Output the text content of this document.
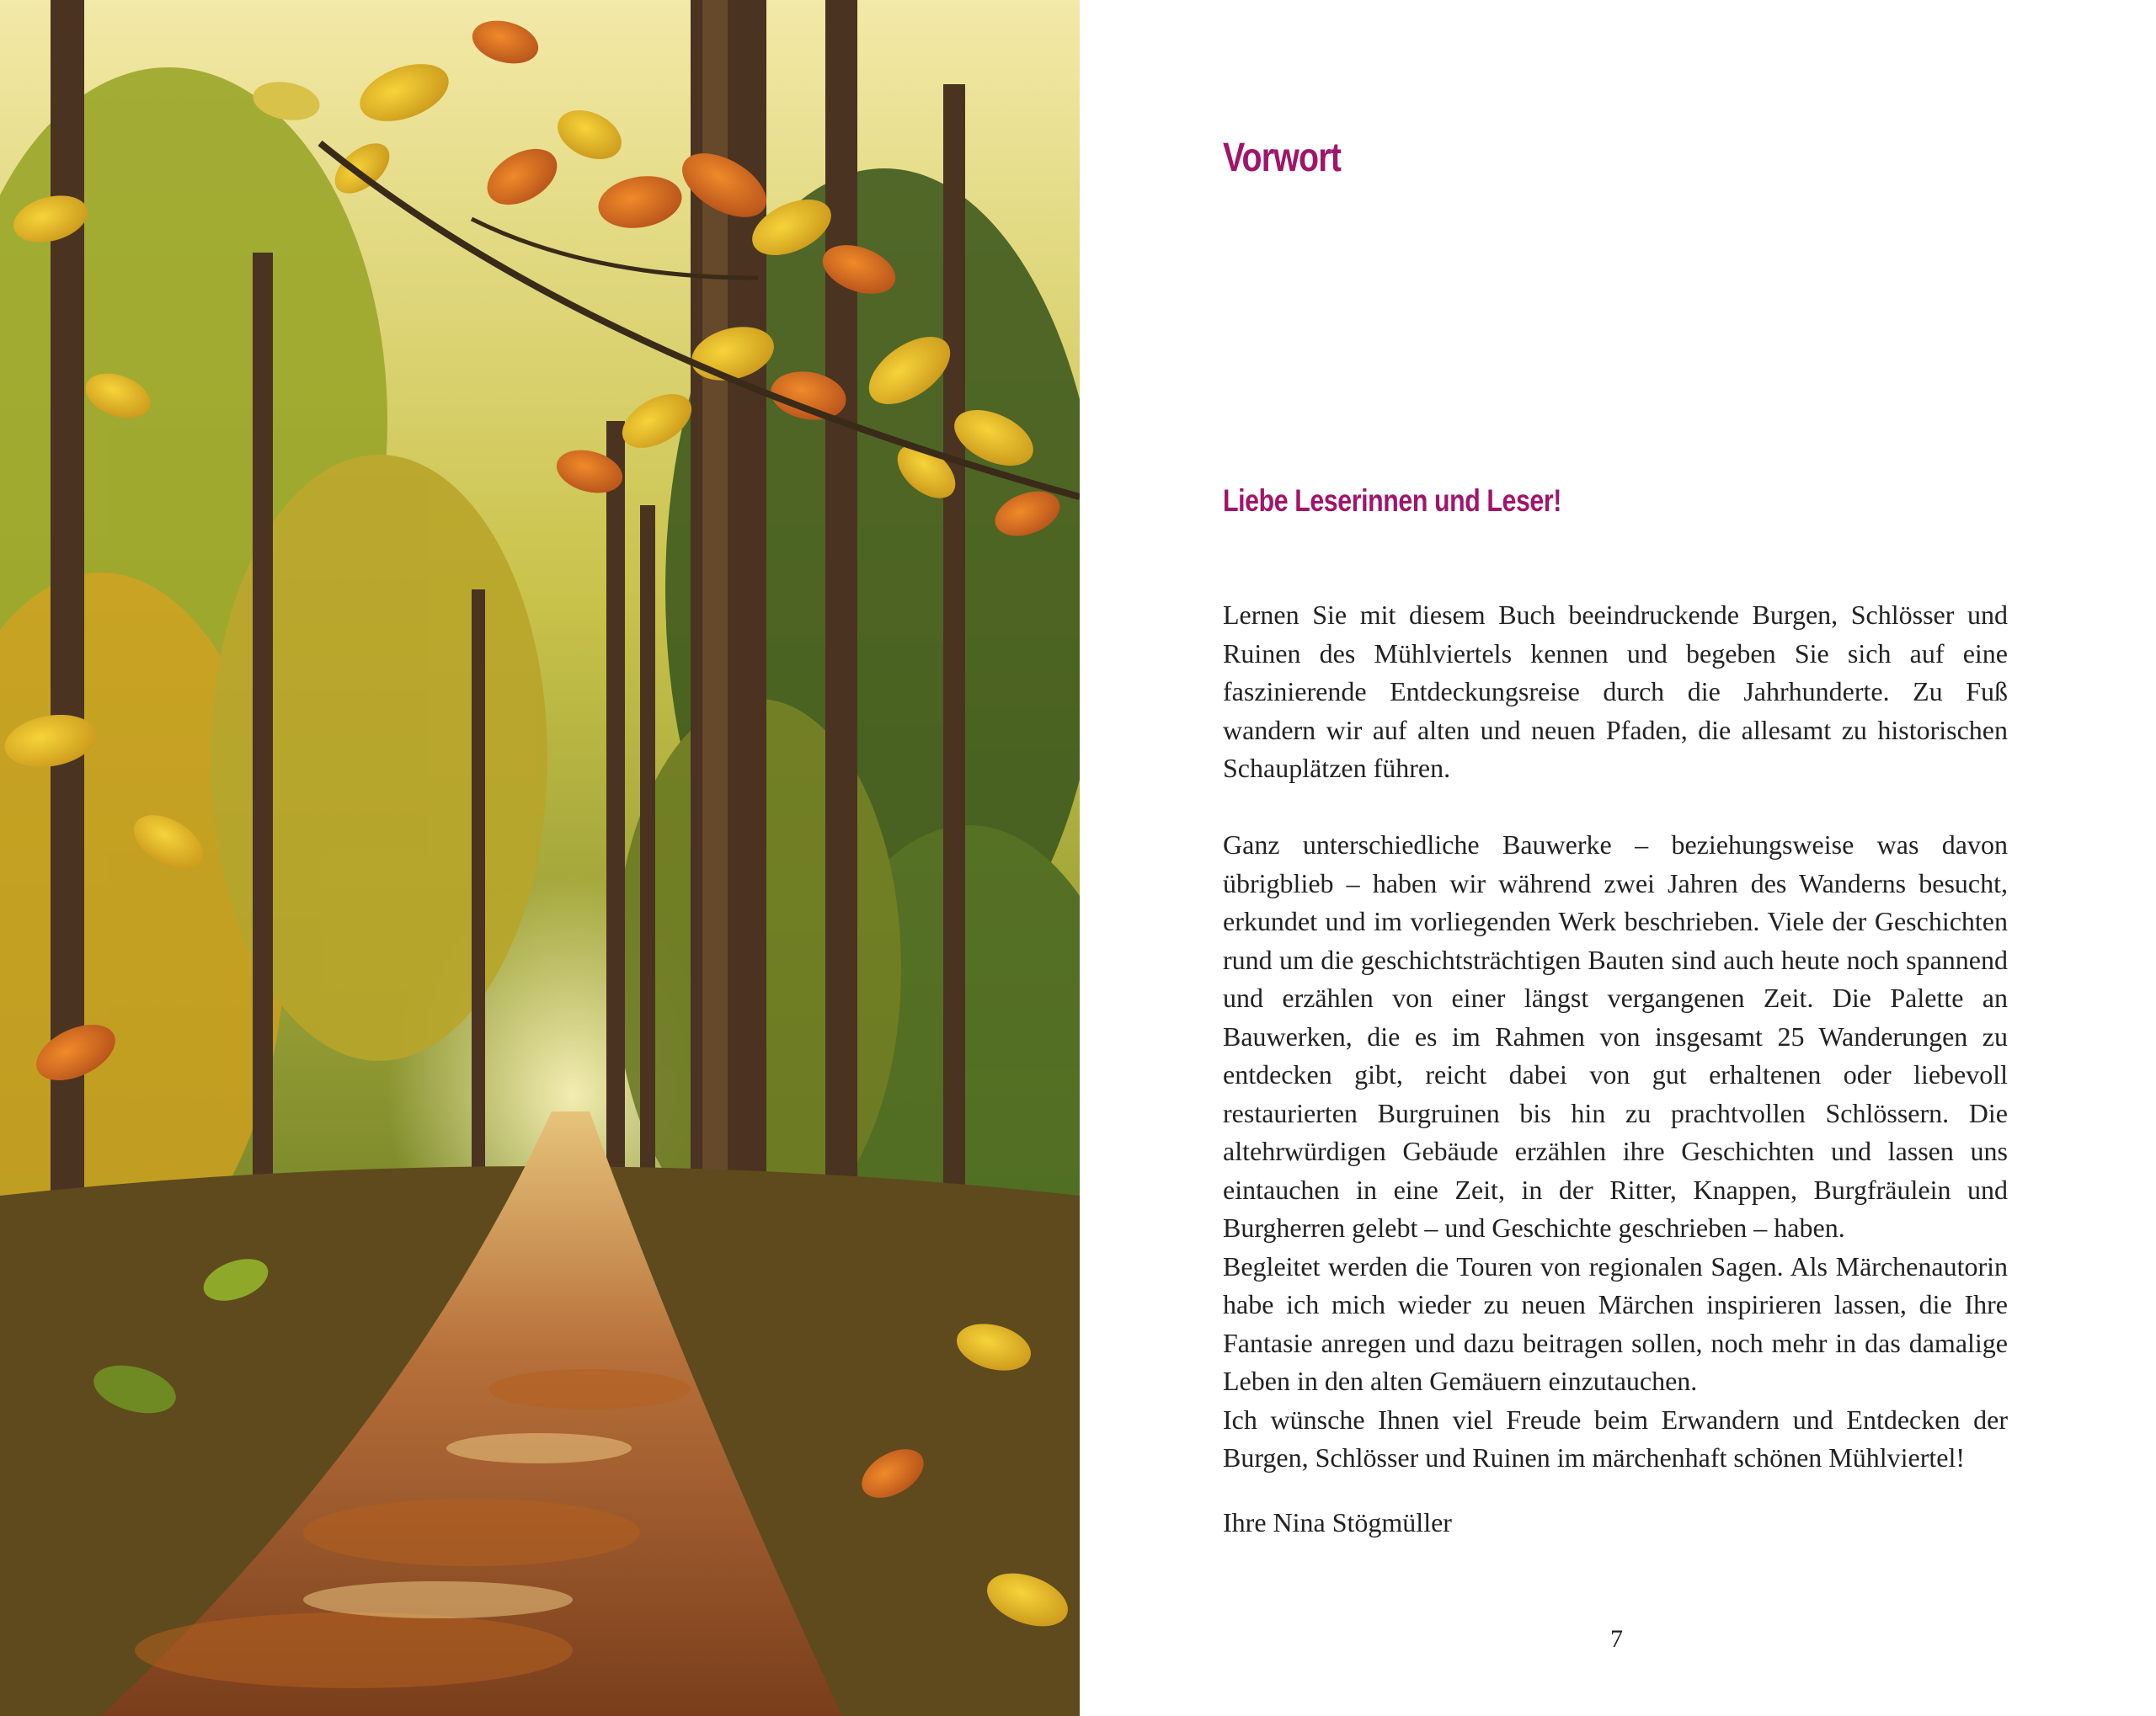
Vorwort
Liebe Leserinnen und Leser!

Lernen Sie mit diesem Buch beeindruckende Burgen, Schlösser und Ruinen des Mühlviertels kennen und begeben Sie sich auf eine faszinierende Entdeckungsreise durch die Jahrhunderte. Zu Fuß wandern wir auf alten und neuen Pfaden, die allesamt zu historischen Schauplätzen führen.

Ganz unterschiedliche Bauwerke – beziehungsweise was davon übrigblieb – haben wir während zwei Jahren des Wanderns besucht, erkundet und im vorliegenden Werk beschrieben. Viele der Geschichten rund um die geschichtsträchtigen Bauten sind auch heute noch spannend und erzählen von einer längst vergangenen Zeit. Die Palette an Bauwerken, die es im Rahmen von insgesamt 25 Wanderungen zu entdecken gibt, reicht dabei von gut erhaltenen oder liebevoll restaurierten Burgruinen bis hin zu prachtvollen Schlössern. Die altehrwürdigen Gebäude erzählen ihre Geschichten und lassen uns eintauchen in eine Zeit, in der Ritter, Knappen, Burgfräulein und Burgherren gelebt – und Geschichte geschrieben – haben.

Begleitet werden die Touren von regionalen Sagen. Als Märchenautorin habe ich mich wieder zu neuen Märchen inspirieren lassen, die Ihre Fantasie anregen und dazu beitragen sollen, noch mehr in das damalige Leben in den alten Gemäuern einzutauchen.

Ich wünsche Ihnen viel Freude beim Erwandern und Entdecken der Burgen, Schlösser und Ruinen im märchenhaft schönen Mühlviertel!

Ihre Nina Stögmüller

7
